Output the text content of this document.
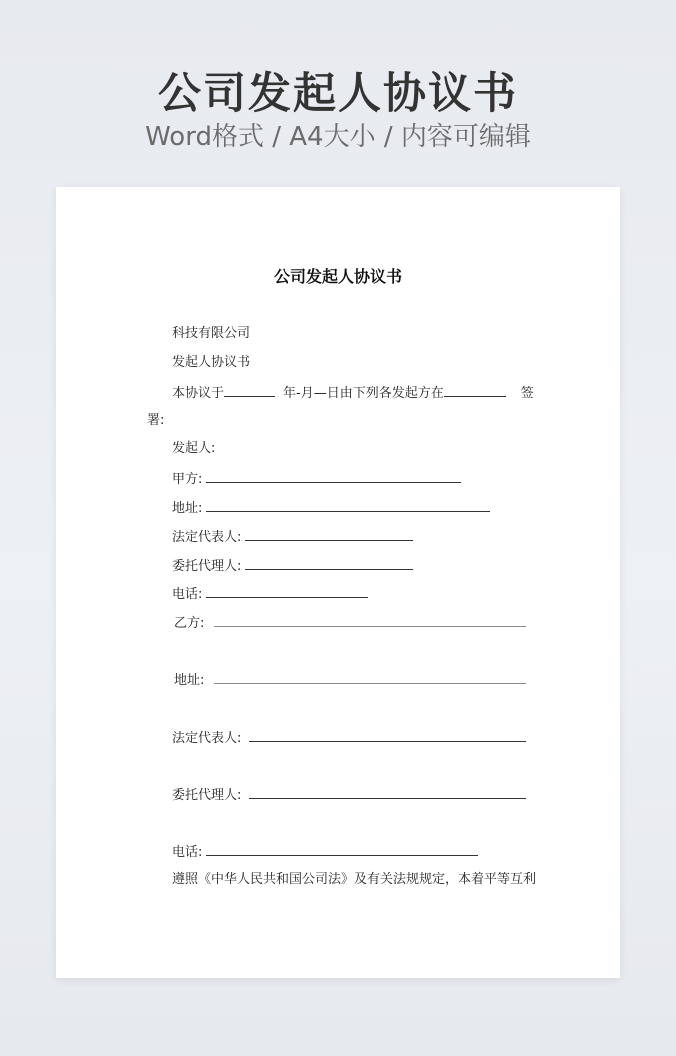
公司发起人协议书
Word格式 / A4大小 / 内容可编辑
公司发起人协议书
科技有限公司
发起人协议书
本协议于	年-月—日由下列各发起方在	签
署:
发起人:
甲方:
地址:
法定代表人:
委托代理人:
电话:
乙方:
地址:
法定代表人:
委托代理人:
电话:
遵照《中华人民共和国公司法》及有关法规规定，本着平等互利
